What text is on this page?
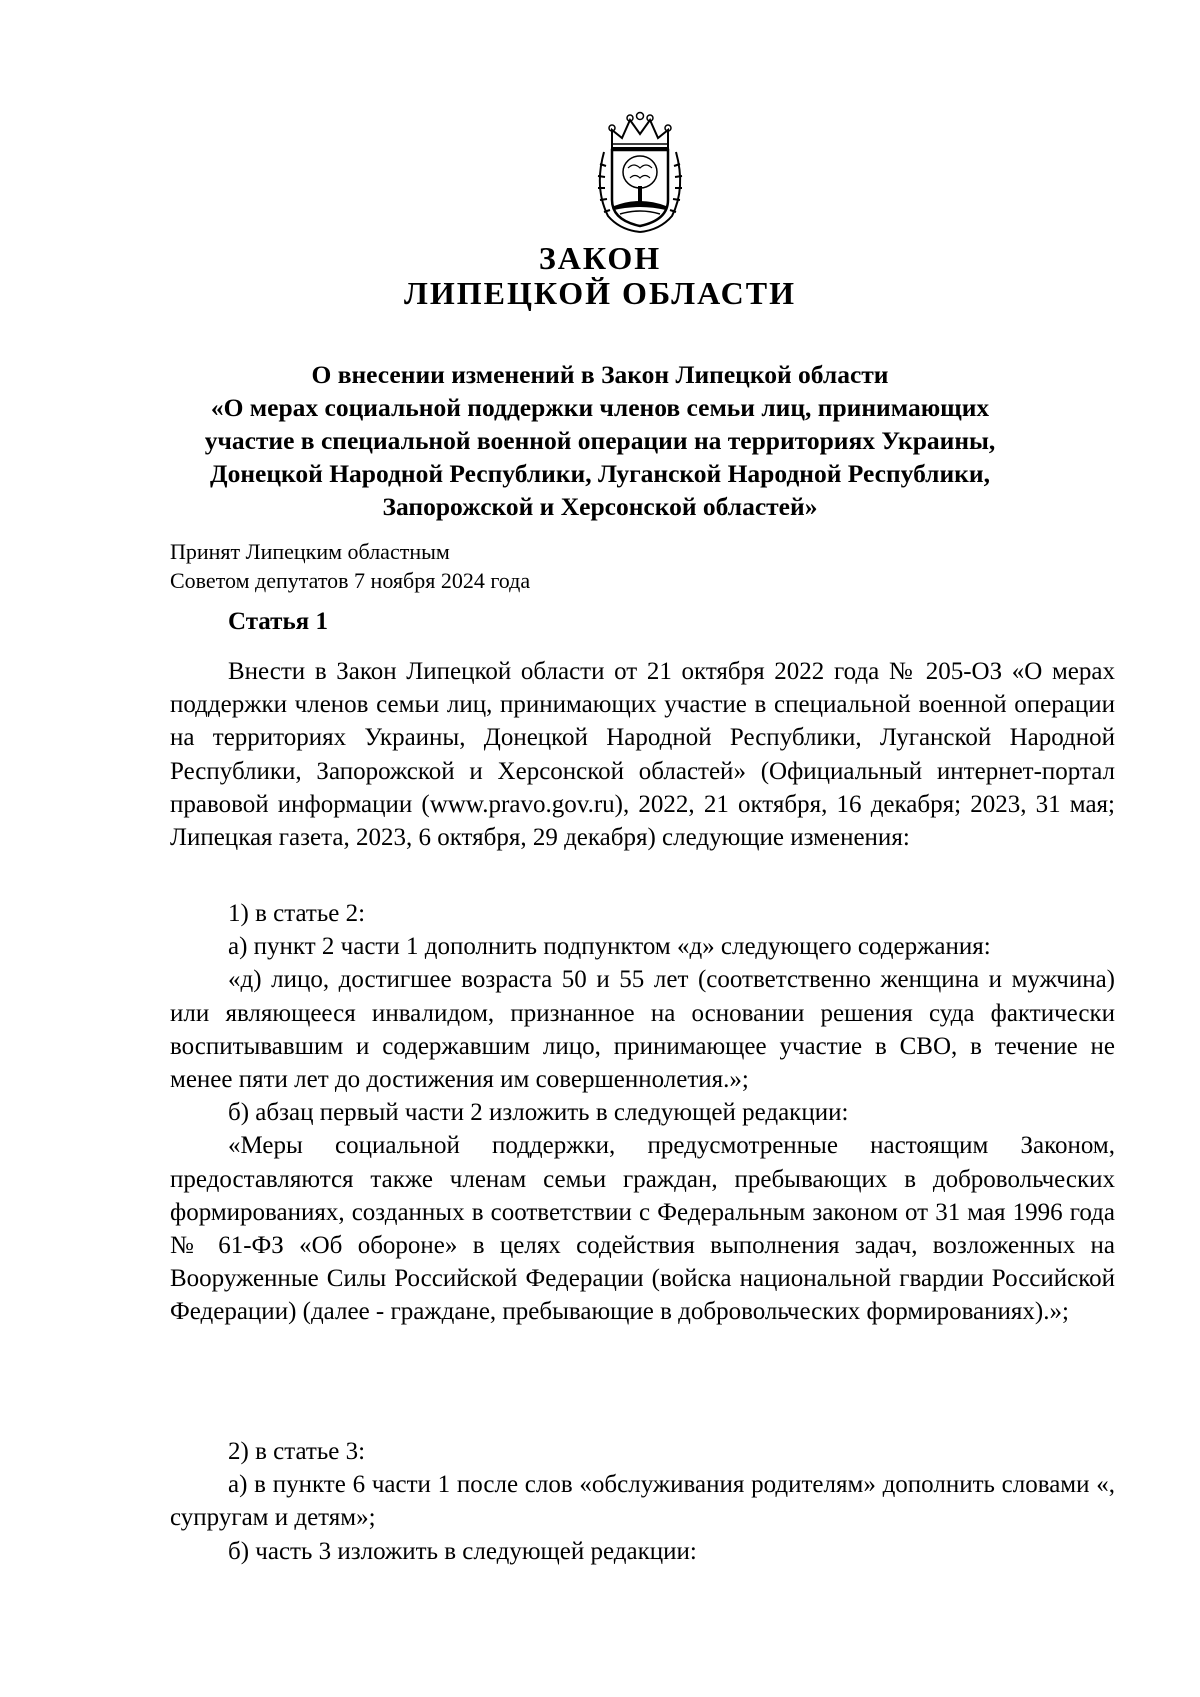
ЗАКОН
ЛИПЕЦКОЙ ОБЛАСТИ
О внесении изменений в Закон Липецкой области
«О мерах социальной поддержки членов семьи лиц, принимающих
участие в специальной военной операции на территориях Украины,
Донецкой Народной Республики, Луганской Народной Республики,
Запорожской и Херсонской областей»
Принят Липецким областным
Советом депутатов 7 ноября 2024 года
Статья 1

Внести в Закон Липецкой области от 21 октября 2022 года № 205-ОЗ «О мерах поддержки членов семьи лиц, принимающих участие в специальной военной операции на территориях Украины, Донецкой Народной Республики, Луганской Народной Республики, Запорожской и Херсонской областей» (Официальный интернет-портал правовой информации (www.pravo.gov.ru), 2022, 21 октября, 16 декабря; 2023, 31 мая; Липецкая газета, 2023, 6 октября, 29 декабря) следующие изменения:

1) в статье 2:

а) пункт 2 части 1 дополнить подпунктом «д» следующего содержания:

«д) лицо, достигшее возраста 50 и 55 лет (соответственно женщина и мужчина) или являющееся инвалидом, признанное на основании решения суда фактически воспитывавшим и содержавшим лицо, принимающее участие в СВО, в течение не менее пяти лет до достижения им совершеннолетия.»;

б) абзац первый части 2 изложить в следующей редакции:

«Меры социальной поддержки, предусмотренные настоящим Законом, предоставляются также членам семьи граждан, пребывающих в добровольческих формированиях, созданных в соответствии с Федеральным законом от 31 мая 1996 года № 61-ФЗ «Об обороне» в целях содействия выполнения задач, возложенных на Вооруженные Силы Российской Федерации (войска национальной гвардии Российской Федерации) (далее - граждане, пребывающие в добровольческих формированиях).»;

2) в статье 3:

а) в пункте 6 части 1 после слов «обслуживания родителям» дополнить словами «, супругам и детям»;

б) часть 3 изложить в следующей редакции:
